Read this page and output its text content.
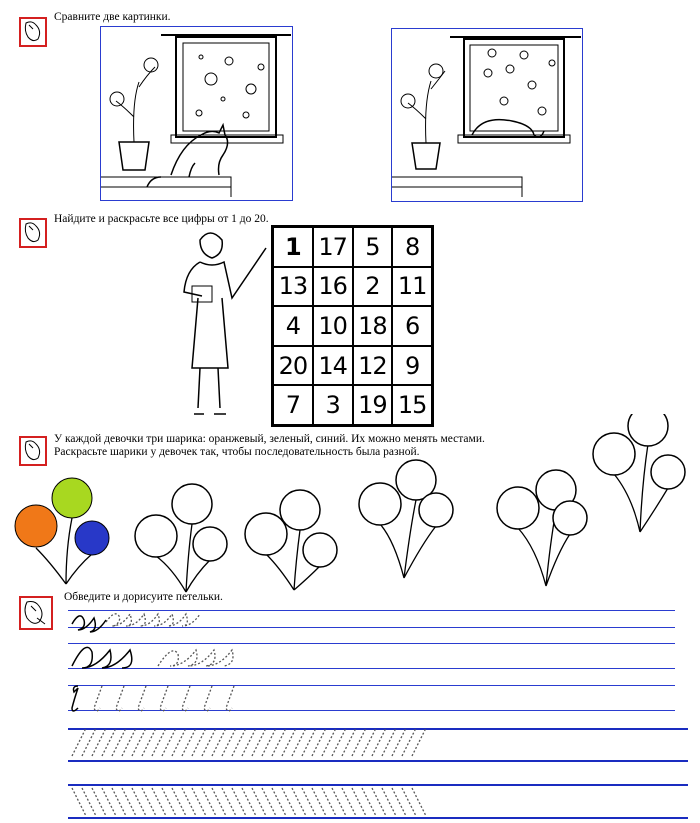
Сравните две картинки.
Найдите и раскрасьте все цифры от 1 до 20.
1 17 5	8
13 16 2 11
4 10 18 6
20 14 12 9
7	3 19 15
У каждой девочки три шарика: оранжевый, зеленый, синий. Их можно менять местами.
Раскрасьте шарики у девочек так, чтобы последовательность была разной.
Обведите и дорисуите петельки.
